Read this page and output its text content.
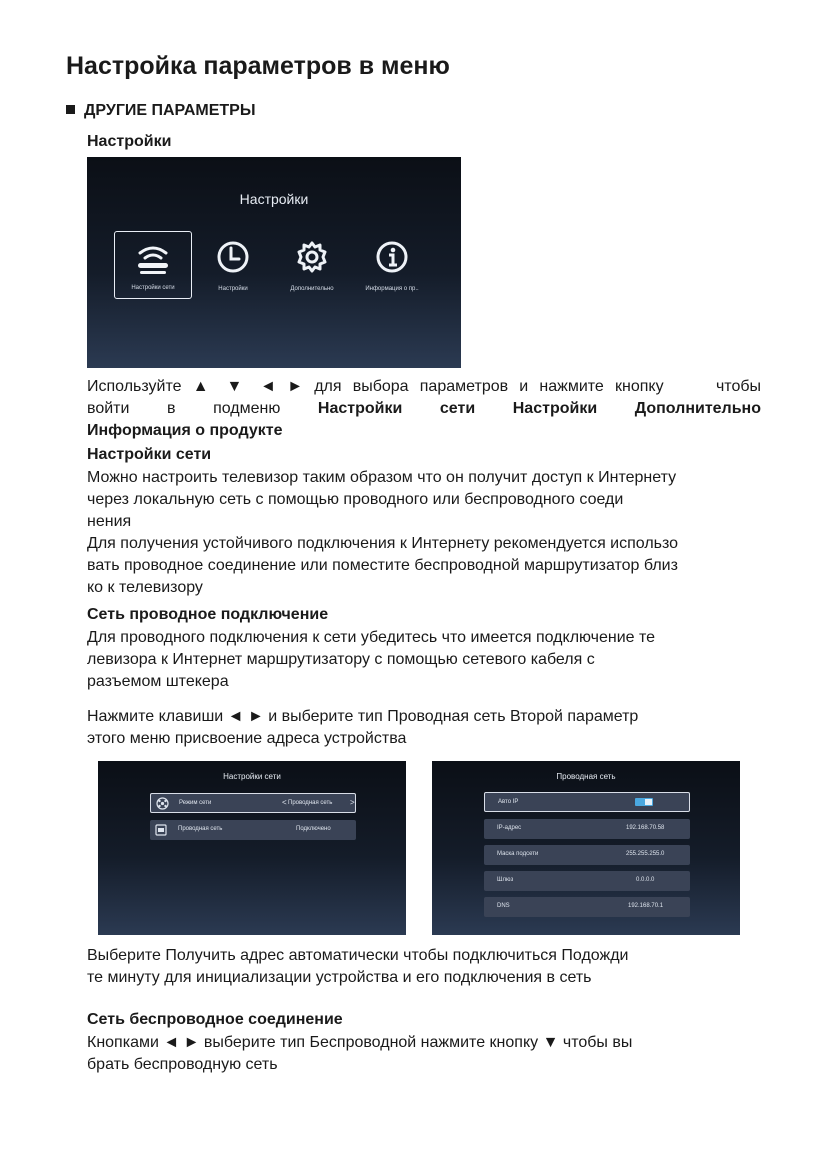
Настройка параметров в меню
ДРУГИЕ ПАРАМЕТРЫ
Настройки
Настройки
Настройки сети	Настройки	Дополнительно	Информация о пр..
Используйте ▲ ▼ ◄ ► для выбора параметров и нажмите кнопку	чтобы
войти в подменю Настройки сети Настройки Дополнительно
Информация о продукте
Настройки сети
Можно настроить телевизор таким образом что он получит доступ к Интернету
через локальную сеть с помощью проводного или беспроводного соеди
нения
Для получения устойчивого подключения к Интернету рекомендуется использо
вать проводное соединение или поместите беспроводной маршрутизатор близ
ко к телевизору
Сеть проводное подключение
Для проводного подключения к сети убедитесь что имеется подключение те
левизора к Интернет маршрутизатору с помощью сетевого кабеля с
разъемом штекера
Нажмите клавиши ◄ ► и выберите тип Проводная сеть Второй параметр
этого меню присвоение адреса устройства
Настройки сети
Режим сети	< Проводная сеть >
Проводная сеть	Подключено
Проводная сеть
Авто IP
IP-адрес	192.168.70.58
Маска подсети	255.255.255.0
Шлюз	0.0.0.0
DNS	192.168.70.1
Выберите Получить адрес автоматически чтобы подключиться Подожди
те минуту для инициализации устройства и его подключения в сеть
Сеть беспроводное соединение
Кнопками ◄ ► выберите тип Беспроводной нажмите кнопку ▼ чтобы вы
брать беспроводную сеть
